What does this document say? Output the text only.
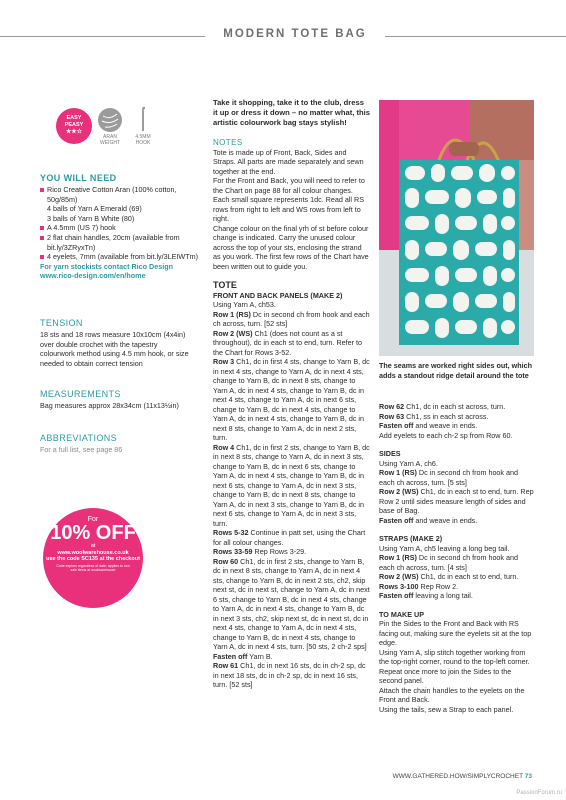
MODERN TOTE BAG
EASY
PEASY
★★☆
ARAN
WEIGHT
4.5MM
HOOK
YOU WILL NEED
Rico Creative Cotton Aran (100% cotton, 50g/85m)
4 balls of Yarn A Emerald (69)
3 balls of Yarn B White (80)
A 4.5mm (US 7) hook
2 flat chain handles, 20cm (available from bit.ly/3ZRyxTn)
4 eyelets, 7mm (available from bit.ly/3LEIWTm)
For yarn stockists contact Rico Design
www.rico-design.com/en/home
TENSION
18 sts and 18 rows measure 10x10cm (4x4in) over double crochet with the tapestry colourwork method using 4.5 mm hook, or size needed to obtain correct tension
MEASUREMENTS
Bag measures approx 28x34cm (11x13½in)
ABBREVIATIONS
For a full list, see page 86
For
10% OFF
at
www.woolwarehouse.co.uk
use the code SC135 at the checkout
Code expires regardless of date; applies to non sale items at woolwarehouse

Take it shopping, take it to the club, dress it up or dress it down – no matter what, this artistic colourwork bag stays stylish!

NOTES

Tote is made up of Front, Back, Sides and Straps. All parts are made separately and sewn together at the end.

For the Front and Back, you will need to refer to the Chart on page 88 for all colour changes. Each small square represents 1dc. Read all RS rows from right to left and WS rows from left to right.

Change colour on the final yrh of st before colour change is indicated. Carry the unused colour across the top of your sts, enclosing the strand as you work. The first few rows of the Chart have been written out to guide you.

TOTE

FRONT AND BACK PANELS (MAKE 2)

Using Yarn A, ch53.

Row 1 (RS) Dc in second ch from hook and each ch across, turn. [52 sts]

Row 2 (WS) Ch1 (does not count as a st throughout), dc in each st to end, turn. Refer to the Chart for Rows 3-52.

Row 3 Ch1, dc in first 4 sts, change to Yarn B, dc in next 4 sts, change to Yarn A, dc in next 4 sts, change to Yarn B, dc in next 8 sts, change to Yarn A, dc in next 4 sts, change to Yarn B, dc in next 4 sts, change to Yarn A, dc in next 6 sts, change to Yarn B, dc in next 4 sts, change to Yarn A, dc in next 4 sts, change to Yarn B, dc in next 8 sts, change to Yarn A, dc in next 2 sts, turn.

Row 4 Ch1, dc in first 2 sts, change to Yarn B, dc in next 8 sts, change to Yarn A, dc in next 3 sts, change to Yarn B, dc in next 6 sts, change to Yarn A, dc in next 4 sts, change to Yarn B, dc in next 6 sts, change to Yarn A, dc in next 3 sts, change to Yarn B, dc in next 8 sts, change to Yarn A, dc in next 3 sts, change to Yarn B, dc in next 6 sts, change to Yarn A, dc in next 3 sts, turn.

Rows 5-32 Continue in patt set, using the Chart for all colour changes.

Rows 33-59 Rep Rows 3-29.

Row 60 Ch1, dc in first 2 sts, change to Yarn B, dc in next 8 sts, change to Yarn A, dc in next 4 sts, change to Yarn B, dc in next 2 sts, ch2, skip next st, dc in next st, change to Yarn A, dc in next 6 sts, change to Yarn B, dc in next 4 sts, change to Yarn A, dc in next 4 sts, change to Yarn B, dc in next 3 sts, ch2, skip next st, dc in next st, dc in next 4 sts, change to Yarn A, dc in next 4 sts, change to Yarn B, dc in next 4 sts, change to Yarn A, dc in next 4 sts, turn. [50 sts, 2 ch-2 sps]

Fasten off Yarn B.

Row 61 Ch1, dc in next 16 sts, dc in ch-2 sp, dc in next 18 sts, dc in ch-2 sp, dc in next 16 sts, turn. [52 sts]

The seams are worked right sides out, which adds a standout ridge detail around the tote

Row 62 Ch1, dc in each st across, turn.

Row 63 Ch1, ss in each st across.

Fasten off and weave in ends.

Add eyelets to each ch-2 sp from Row 60.

SIDES

Using Yarn A, ch6.

Row 1 (RS) Dc in second ch from hook and each ch across, turn. [5 sts]

Row 2 (WS) Ch1, dc in each st to end, turn. Rep Row 2 until sides measure length of sides and base of Bag.

Fasten off and weave in ends.

STRAPS (MAKE 2)

Using Yarn A, ch5 leaving a long beg tail.

Row 1 (RS) Dc in second ch from hook and each ch across, turn. [4 sts]

Row 2 (WS) Ch1, dc in each st to end, turn.

Rows 3-100 Rep Row 2.

Fasten off leaving a long tail.

TO MAKE UP

Pin the Sides to the Front and Back with RS facing out, making sure the eyelets sit at the top edge.

Using Yarn A, slip stitch together working from the top-right corner, round to the top-left corner. Repeat once more to join the Sides to the second panel.

Attach the chain handles to the eyelets on the Front and Back.

Using the tails, sew a Strap to each panel.

WWW.GATHERED.HOW/SIMPLYCROCHET 73
PassionForum.ru
